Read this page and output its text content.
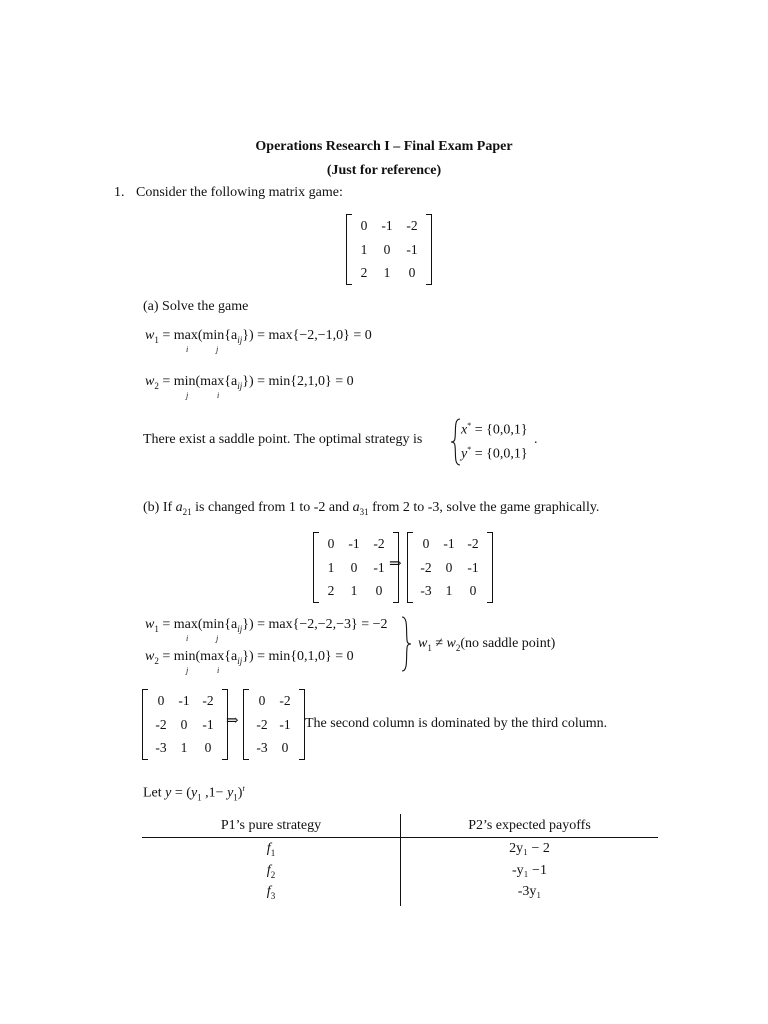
Operations Research I – Final Exam Paper
(Just for reference)
1. Consider the following matrix game:
0	-1	-2
1	0	-1
2	1	0
(a) Solve the game
$w_1 = \max(\min\{a_{ij}\}) = \max\{-2,-1,0\} = 0$
i	j
$w_2 = \min(\max\{a_{ij}\}) = \min\{2,1,0\} = 0$
j	i
There exist a saddle point. The optimal strategy is
x* = {0,0,1}
y* = {0,0,1}
.
(b) If $a_{21}$ is changed from 1 to -2 and $a_{31}$ from 2 to -3, solve the game graphically.
0	-1	-2
1	0	-1
2	1	0
⇒
0	-1 -2
-2	0	-1
-3	1	0
$w_1 = \max(\min\{a_{ij}\}) = \max\{-2,-2,-3\} = -2$
i	j
$w_2 = \min(\max\{a_{ij}\}) = \min\{0,1,0\} = 0$
j	i
$w_1 \ne w_2(no$ saddle point)
0	-1 -2
-2	0	-1
-3	1	0
⇒
0	-2
-2 -1
-3	0
The second column is dominated by the third column.
Let $y = (y_1$ $,1- y_1)^t$
P1’s pure strategy	P2’s expected payoffs
$f_1$	2y₁ − 2
$f_2$	-y₁ −1
$f_3$	-3y₁
